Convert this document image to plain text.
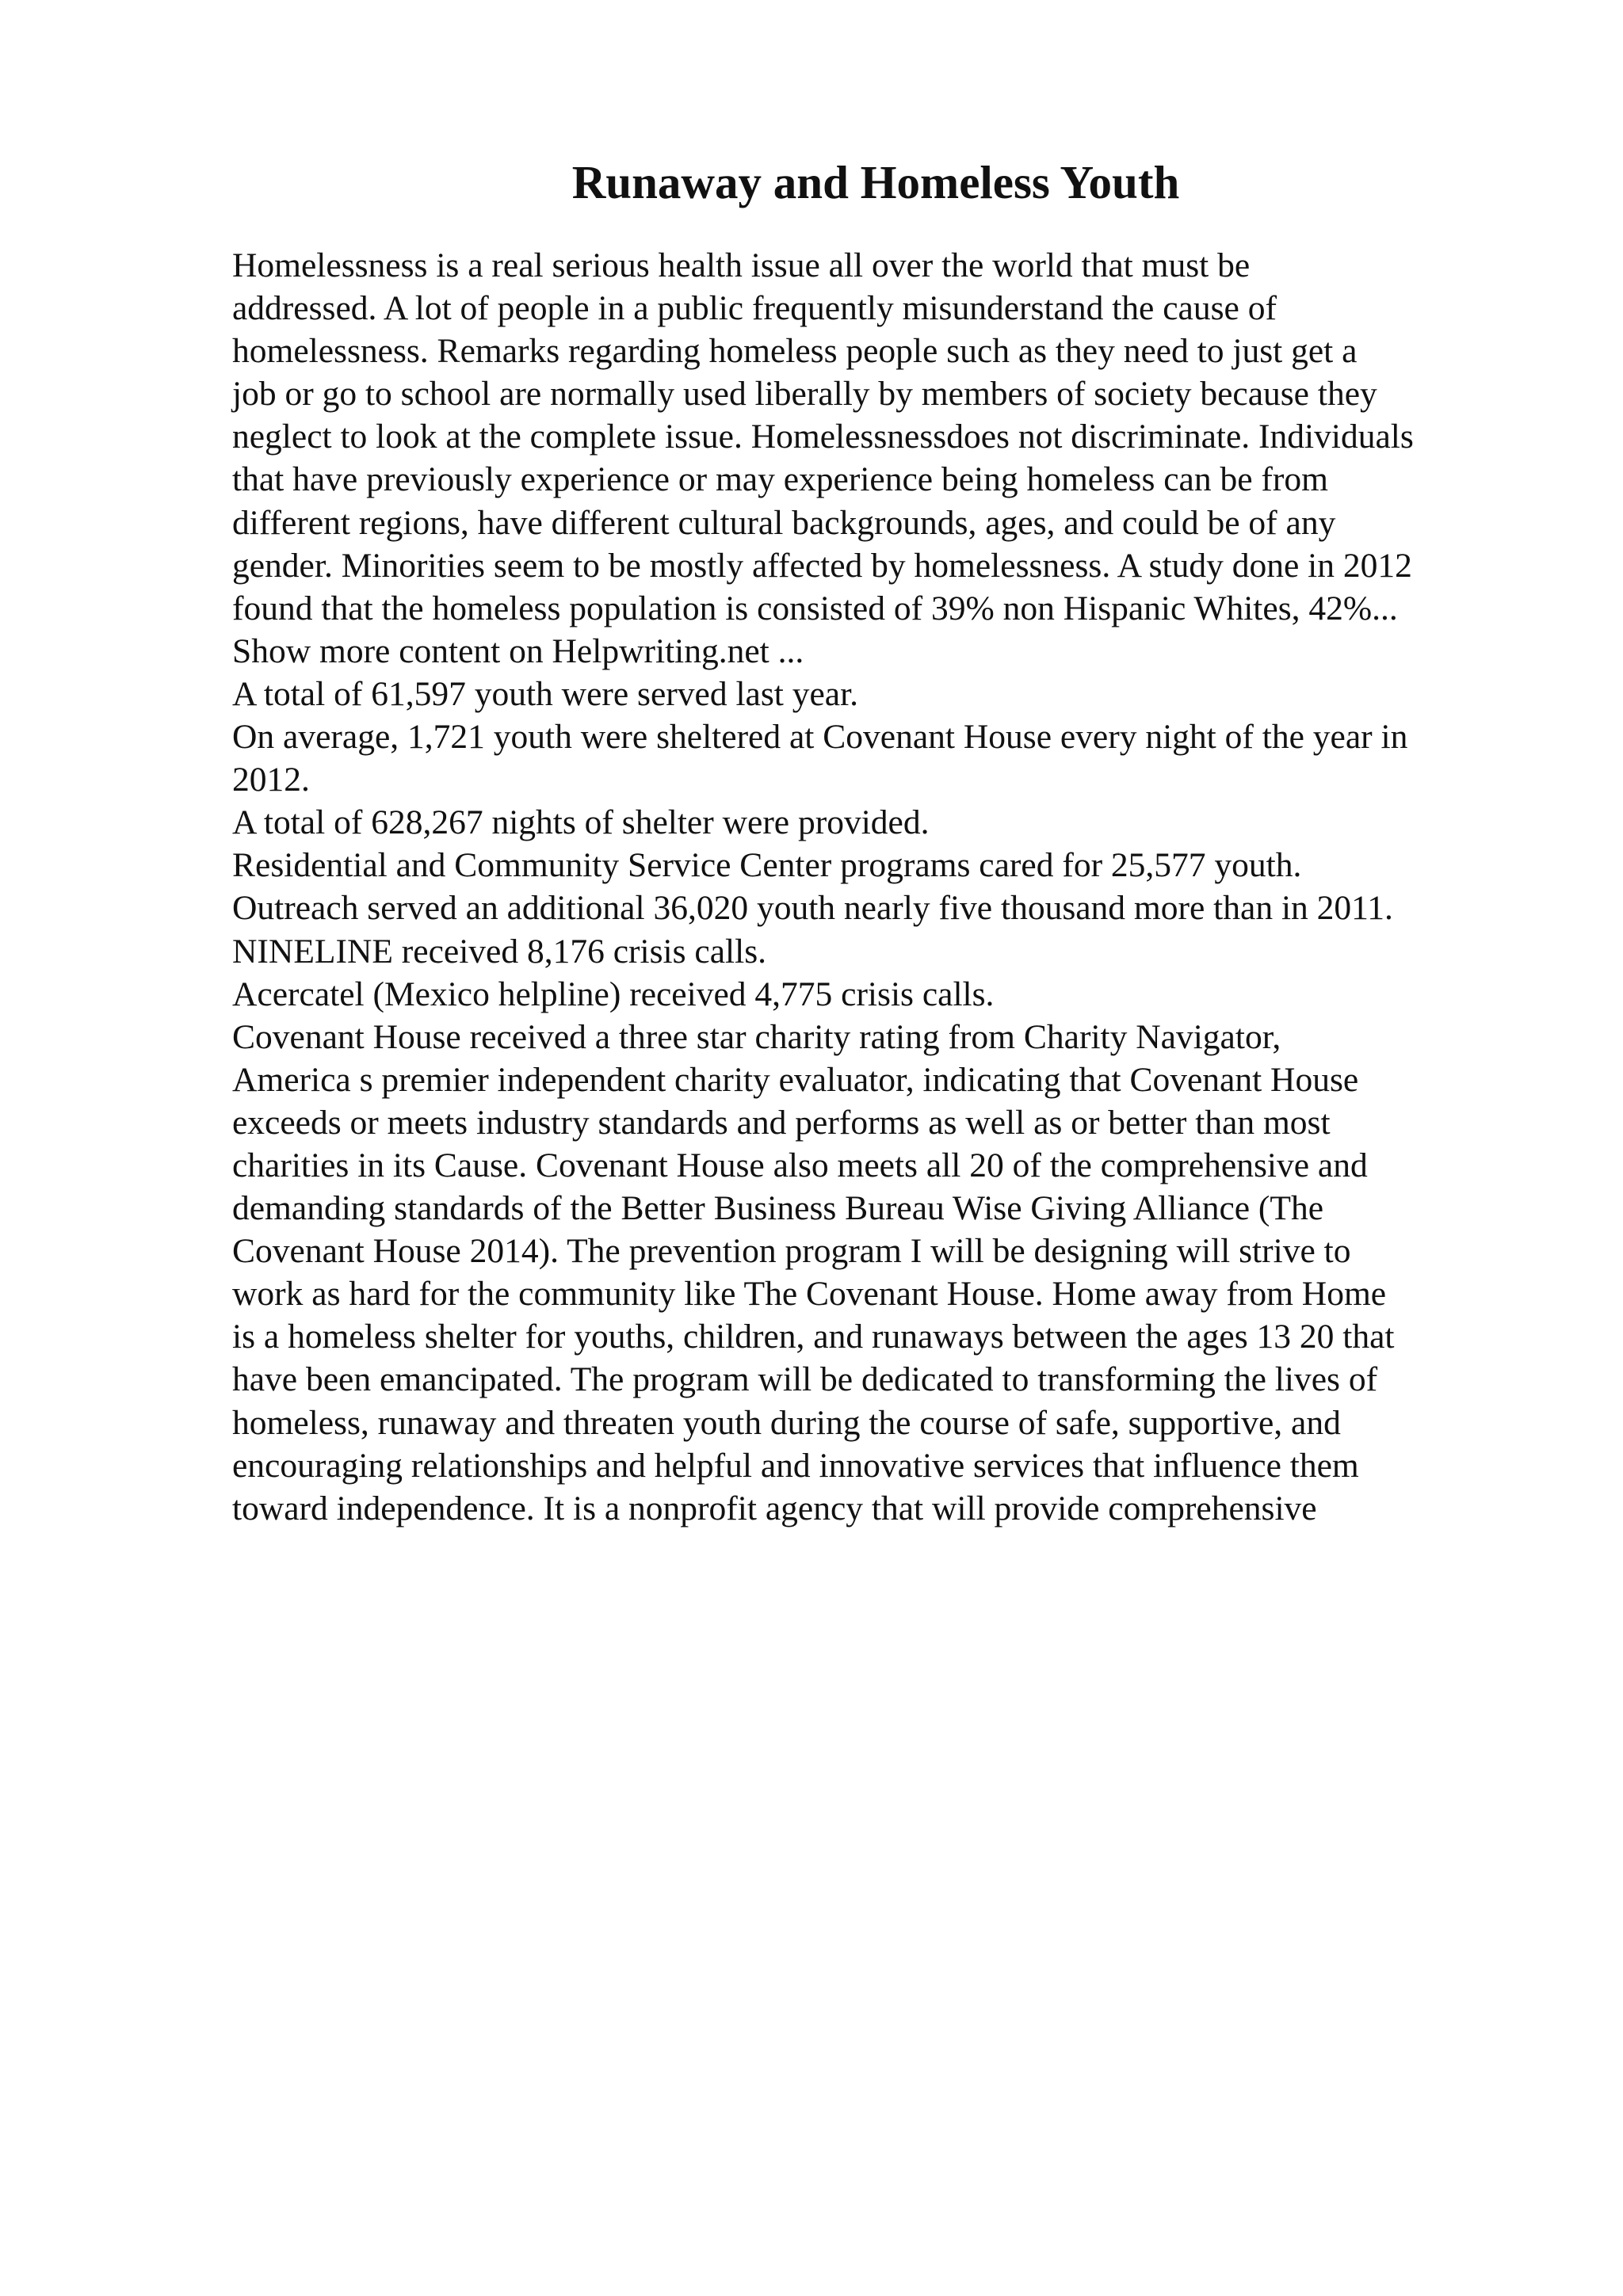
Runaway and Homeless Youth
Homelessness is a real serious health issue all over the world that must be
addressed. A lot of people in a public frequently misunderstand the cause of
homelessness. Remarks regarding homeless people such as they need to just get a
job or go to school are normally used liberally by members of society because they
neglect to look at the complete issue. Homelessnessdoes not discriminate. Individuals
that have previously experience or may experience being homeless can be from
different regions, have different cultural backgrounds, ages, and could be of any
gender. Minorities seem to be mostly affected by homelessness. A study done in 2012
found that the homeless population is consisted of 39% non Hispanic Whites, 42%...
Show more content on Helpwriting.net ...
A total of 61,597 youth were served last year.
On average, 1,721 youth were sheltered at Covenant House every night of the year in
2012.
A total of 628,267 nights of shelter were provided.
Residential and Community Service Center programs cared for 25,577 youth.
Outreach served an additional 36,020 youth nearly five thousand more than in 2011.
NINELINE received 8,176 crisis calls.
Acercatel (Mexico helpline) received 4,775 crisis calls.
Covenant House received a three star charity rating from Charity Navigator,
America s premier independent charity evaluator, indicating that Covenant House
exceeds or meets industry standards and performs as well as or better than most
charities in its Cause. Covenant House also meets all 20 of the comprehensive and
demanding standards of the Better Business Bureau Wise Giving Alliance (The
Covenant House 2014). The prevention program I will be designing will strive to
work as hard for the community like The Covenant House. Home away from Home
is a homeless shelter for youths, children, and runaways between the ages 13 20 that
have been emancipated. The program will be dedicated to transforming the lives of
homeless, runaway and threaten youth during the course of safe, supportive, and
encouraging relationships and helpful and innovative services that influence them
toward independence. It is a nonprofit agency that will provide comprehensive
